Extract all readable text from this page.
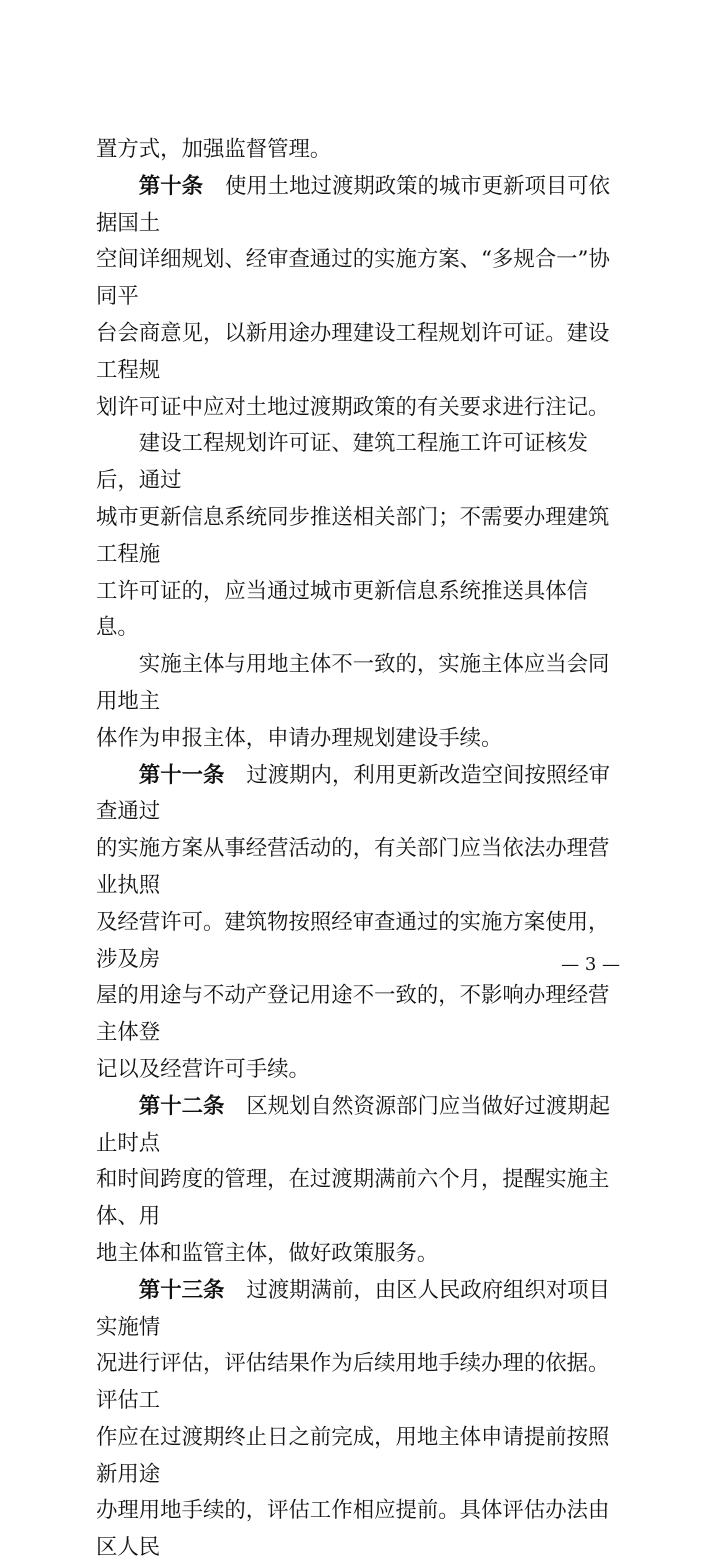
置方式，加强监督管理。

第十条 使用土地过渡期政策的城市更新项目可依据国土

空间详细规划、经审查通过的实施方案、“多规合一”协同平

台会商意见，以新用途办理建设工程规划许可证。建设工程规

划许可证中应对土地过渡期政策的有关要求进行注记。

建设工程规划许可证、建筑工程施工许可证核发后，通过

城市更新信息系统同步推送相关部门；不需要办理建筑工程施

工许可证的，应当通过城市更新信息系统推送具体信息。

实施主体与用地主体不一致的，实施主体应当会同用地主

体作为申报主体，申请办理规划建设手续。

第十一条 过渡期内，利用更新改造空间按照经审查通过

的实施方案从事经营活动的，有关部门应当依法办理营业执照

及经营许可。建筑物按照经审查通过的实施方案使用，涉及房

屋的用途与不动产登记用途不一致的，不影响办理经营主体登

记以及经营许可手续。

第十二条 区规划自然资源部门应当做好过渡期起止时点

和时间跨度的管理，在过渡期满前六个月，提醒实施主体、用

地主体和监管主体，做好政策服务。

第十三条 过渡期满前，由区人民政府组织对项目实施情

况进行评估，评估结果作为后续用地手续办理的依据。评估工

作应在过渡期终止日之前完成，用地主体申请提前按照新用途

办理用地手续的，评估工作相应提前。具体评估办法由区人民

— 3 —
